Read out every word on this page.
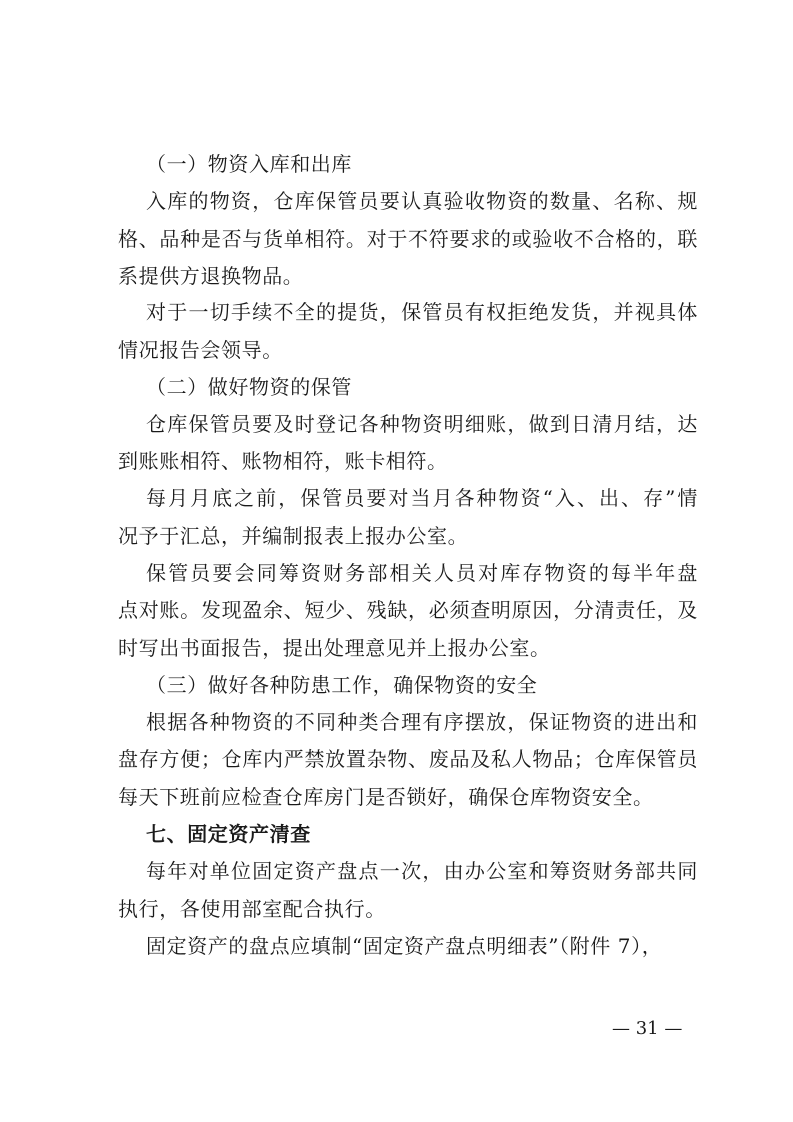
（一）物资入库和出库
入库的物资，仓库保管员要认真验收物资的数量、名称、规
格、品种是否与货单相符。对于不符要求的或验收不合格的，联
系提供方退换物品。
对于一切手续不全的提货，保管员有权拒绝发货，并视具体
情况报告会领导。
（二）做好物资的保管
仓库保管员要及时登记各种物资明细账，做到日清月结，达
到账账相符、账物相符，账卡相符。
每月月底之前，保管员要对当月各种物资“入、出、存”情
况予于汇总，并编制报表上报办公室。
保管员要会同筹资财务部相关人员对库存物资的每半年盘
点对账。发现盈余、短少、残缺，必须查明原因，分清责任，及
时写出书面报告，提出处理意见并上报办公室。
（三）做好各种防患工作，确保物资的安全
根据各种物资的不同种类合理有序摆放，保证物资的进出和
盘存方便；仓库内严禁放置杂物、废品及私人物品；仓库保管员
每天下班前应检查仓库房门是否锁好，确保仓库物资安全。
七、固定资产清查
每年对单位固定资产盘点一次，由办公室和筹资财务部共同
执行，各使用部室配合执行。
固定资产的盘点应填制“固定资产盘点明细表”（附件 7），
— 31 —
